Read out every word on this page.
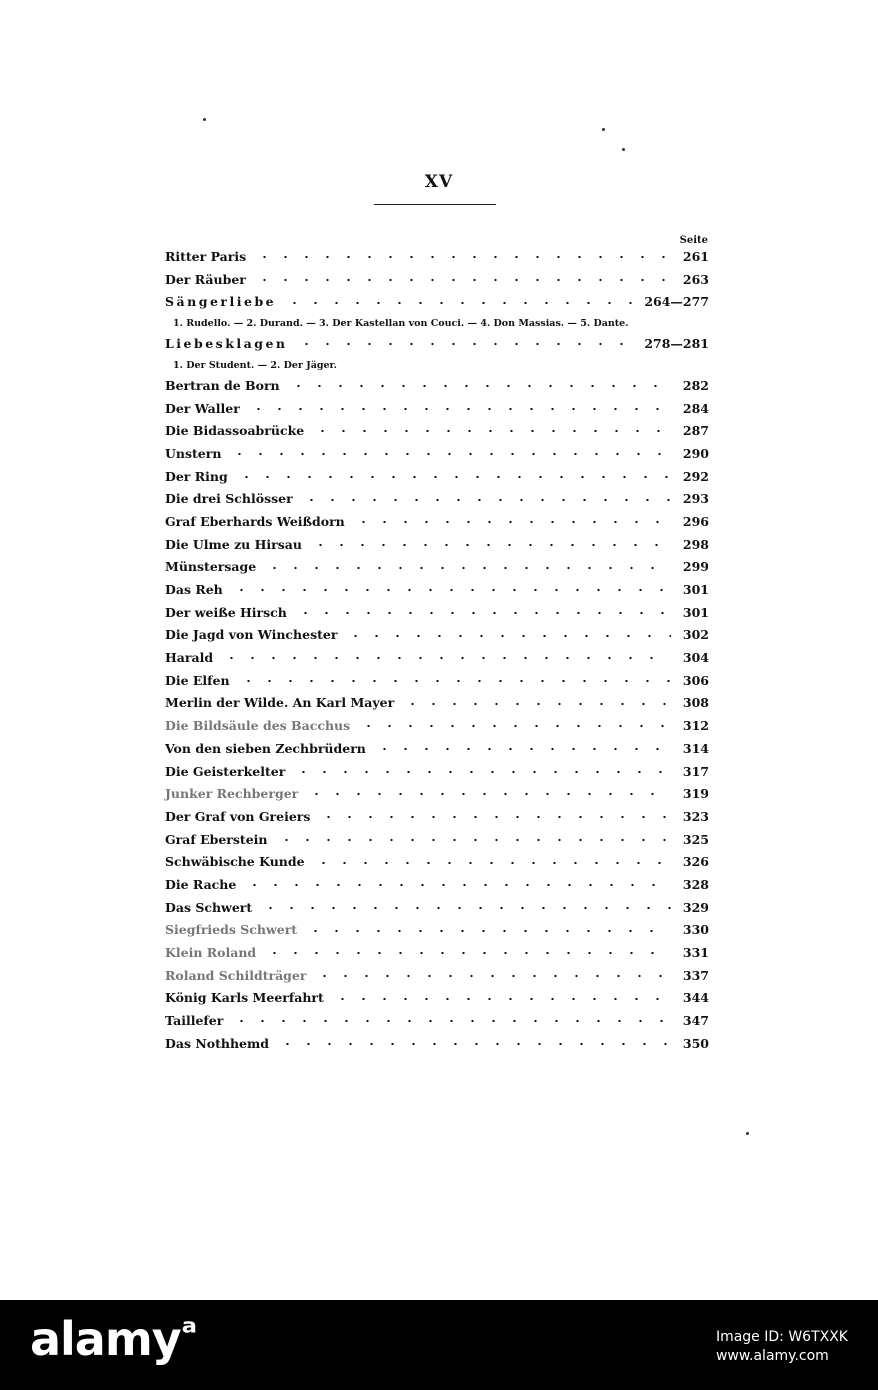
XV
Seite
Ritter Paris	261
Der Räuber	263
Sängerliebe	264—277
1. Rudello. — 2. Durand. — 3. Der Kastellan von Couci. — 4. Don Massias. — 5. Dante.
Liebesklagen	278—281
1. Der Student. — 2. Der Jäger.
Bertran de Born	282
Der Waller	284
Die Bidassoabrücke	287
Unstern	290
Der Ring	292
Die drei Schlösser	293
Graf Eberhards Weißdorn	296
Die Ulme zu Hirsau	298
Münstersage	299
Das Reh	301
Der weiße Hirsch	301
Die Jagd von Winchester	302
Harald	304
Die Elfen	306
Merlin der Wilde. An Karl Mayer	308
Die Bildsäule des Bacchus	312
Von den sieben Zechbrüdern	314
Die Geisterkelter	317
Junker Rechberger	319
Der Graf von Greiers	323
Graf Eberstein	325
Schwäbische Kunde	326
Die Rache	328
Das Schwert	329
Siegfrieds Schwert	330
Klein Roland	331
Roland Schildträger	337
König Karls Meerfahrt	344
Taillefer	347
Das Nothhemd	350
alamy$^ᵃ$	Image ID: W6TXXK
www.alamy.com
